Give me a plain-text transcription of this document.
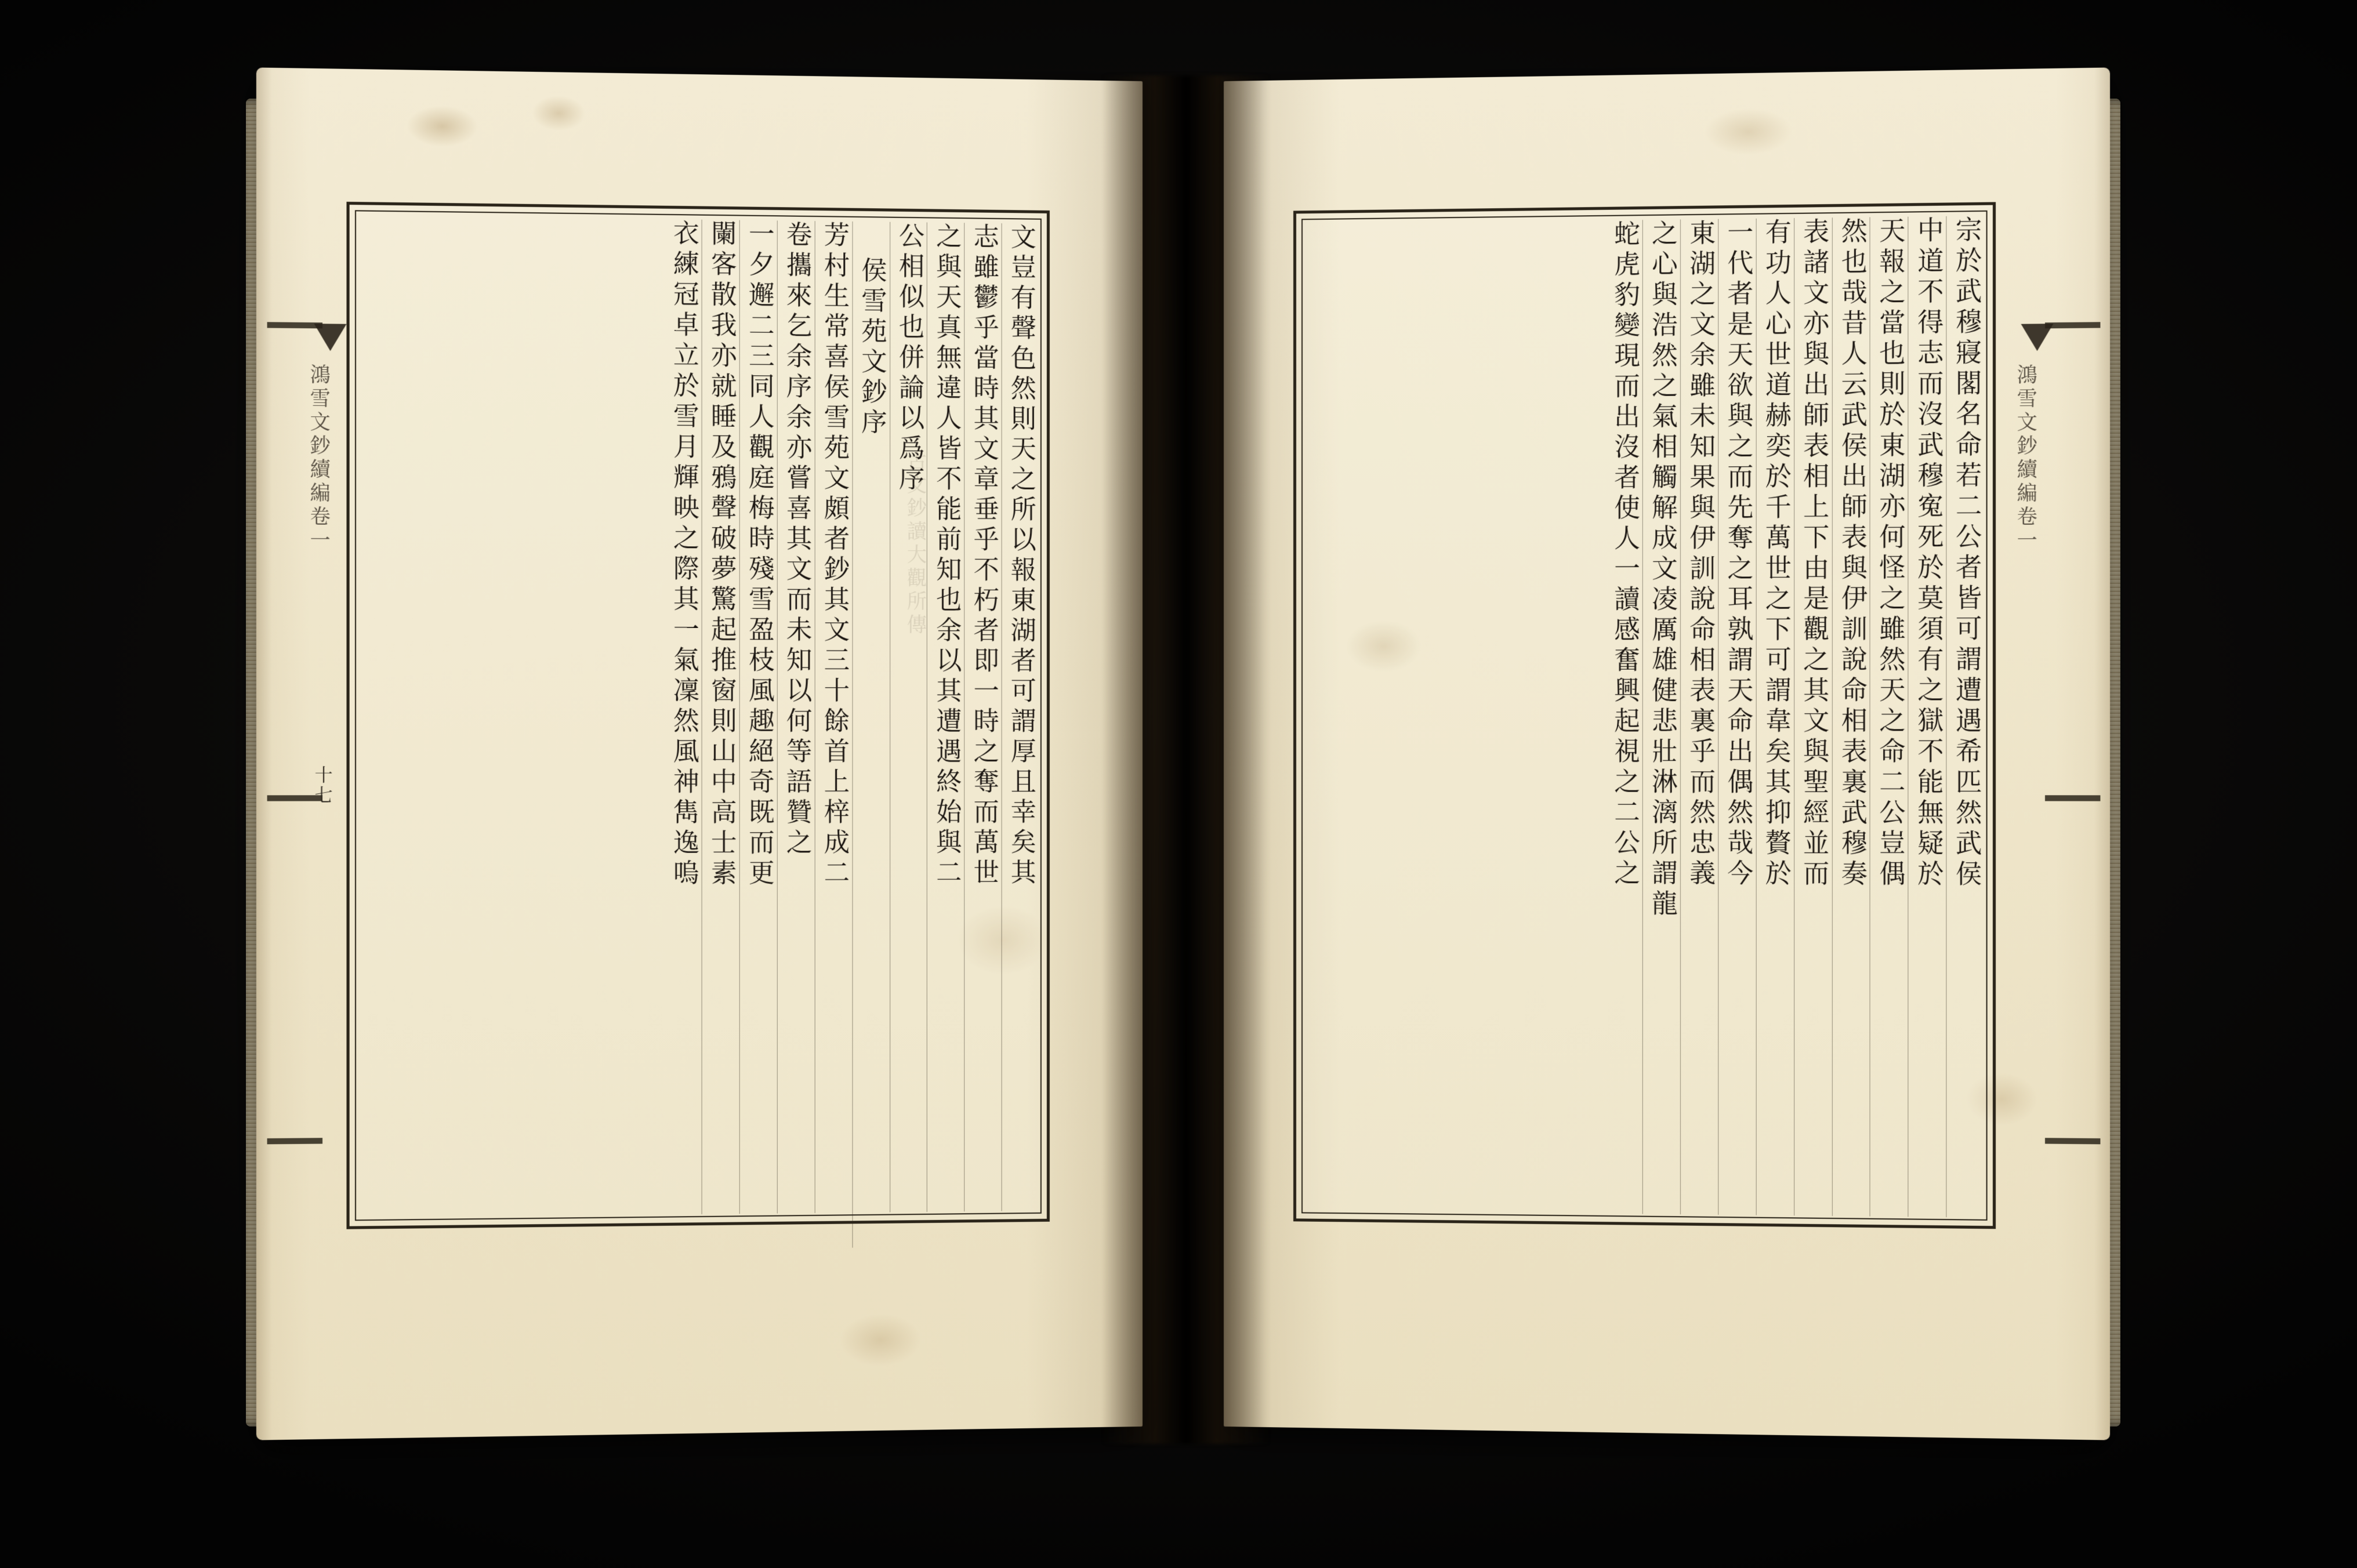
鴻雪文鈔續編卷一
十七	文豈有聲色然則天之所以報東湖者可謂厚且幸矣其
志雖鬱乎當時其文章垂乎不朽者即一時之奪而萬世
之與天真無違人皆不能前知也余以其遭遇終始與二
公相似也併論以爲序
侯雪苑文鈔序
芳村生常喜侯雪苑文頗者鈔其文三十餘首上梓成二
卷攜來乞余序余亦嘗喜其文而未知以何等語贊之
一夕邂二三同人觀庭梅時殘雪盈枝風趣絕奇既而更
闌客散我亦就睡及鴉聲破夢驚起推窗則山中高士素
衣練冠卓立於雪月輝映之際其一氣凜然風神雋逸嗚	古文鈔讀大觀所傳	鴻雪文鈔續編卷一
宗於武穆寢閣名命若二公者皆可謂遭遇希匹然武侯
中道不得志而沒武穆寃死於莫須有之獄不能無疑於
天報之當也則於東湖亦何怪之雖然天之命二公豈偶
然也哉昔人云武侯出師表與伊訓說命相表裏武穆奏
表諸文亦與出師表相上下由是觀之其文與聖經並而
有功人心世道赫奕於千萬世之下可謂韋矣其抑贅於
一代者是天欲與之而先奪之耳孰謂天命出偶然哉今
東湖之文余雖未知果與伊訓說命相表裏乎而然忠義
之心與浩然之氣相觸解成文凌厲雄健悲壯淋漓所謂龍
蛇虎豹變現而出沒者使人一讀感奮興起視之二公之
